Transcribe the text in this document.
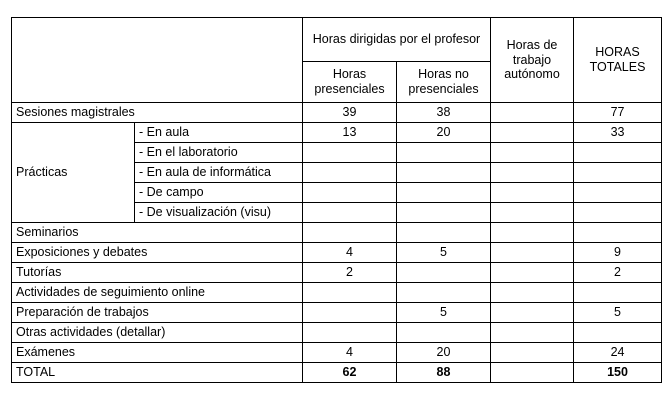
		Horas dirigidas por el profesor		Horas de trabajo autónomo	HORAS TOTALES
		Horas presenciales	Horas no presenciales		
Sesiones magistrales		39	38		77
Prácticas	- En aula	13	20		33
	- En el laboratorio				
	- En aula de informática				
	- De campo				
	- De visualización (visu)				
Seminarios					
Exposiciones y debates		4	5		9
Tutorías		2			2
Actividades de seguimiento online					
Preparación de trabajos			5		5
Otras actividades (detallar)					
Exámenes		4	20		24
TOTAL		62	88		150
